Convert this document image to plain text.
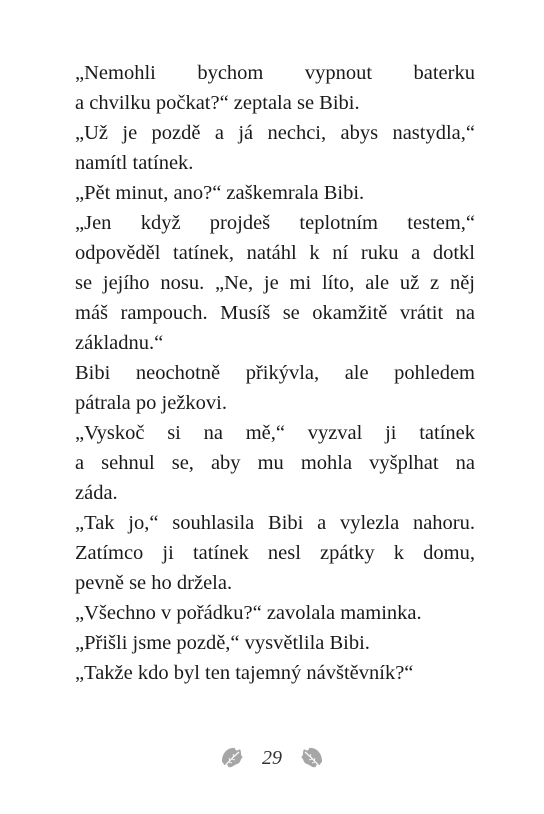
„Nemohli bychom vypnout baterku
a chvilku počkat?“ zeptala se Bibi.

„Už je pozdě a já nechci, abys nastydla,“
namítl tatínek.

„Pět minut, ano?“ zaškemrala Bibi.

„Jen když projdeš teplotním testem,“
odpověděl tatínek, natáhl k ní ruku a dotkl
se jejího nosu. „Ne, je mi líto, ale už z něj
máš rampouch. Musíš se okamžitě vrátit na
základnu.“

Bibi neochotně přikývla, ale pohledem
pátrala po ježkovi.

„Vyskoč si na mě,“ vyzval ji tatínek
a sehnul se, aby mu mohla vyšplhat na
záda.

„Tak jo,“ souhlasila Bibi a vylezla nahoru.
Zatímco ji tatínek nesl zpátky k domu,
pevně se ho držela.

„Všechno v pořádku?“ zavolala maminka.

„Přišli jsme pozdě,“ vysvětlila Bibi.

„Takže kdo byl ten tajemný návštěvník?“

29
